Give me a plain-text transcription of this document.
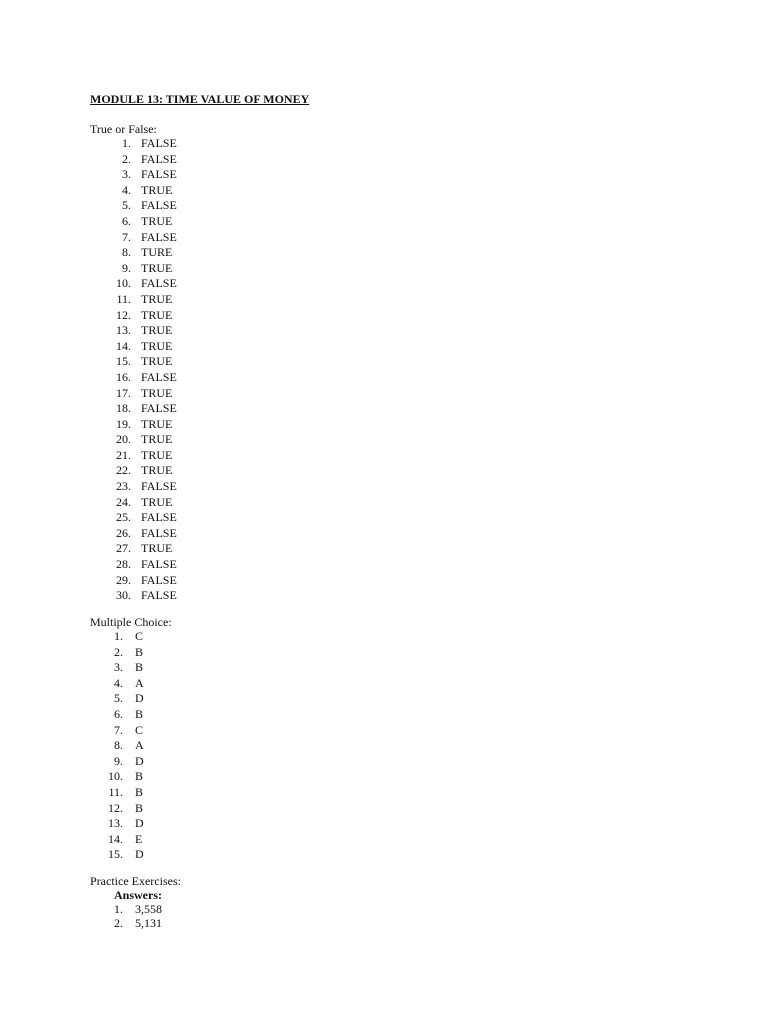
MODULE 13: TIME VALUE OF MONEY
True or False:
1. FALSE
2. FALSE
3. FALSE
4. TRUE
5. FALSE
6. TRUE
7. FALSE
8. TURE
9. TRUE
10. FALSE
11. TRUE
12. TRUE
13. TRUE
14. TRUE
15. TRUE
16. FALSE
17. TRUE
18. FALSE
19. TRUE
20. TRUE
21. TRUE
22. TRUE
23. FALSE
24. TRUE
25. FALSE
26. FALSE
27. TRUE
28. FALSE
29. FALSE
30. FALSE
Multiple Choice:
1. C
2. B
3. B
4. A
5. D
6. B
7. C
8. A
9. D
10. B
11. B
12. B
13. D
14. E
15. D
Practice Exercises:
Answers:
1. 3,558
2. 5,131
